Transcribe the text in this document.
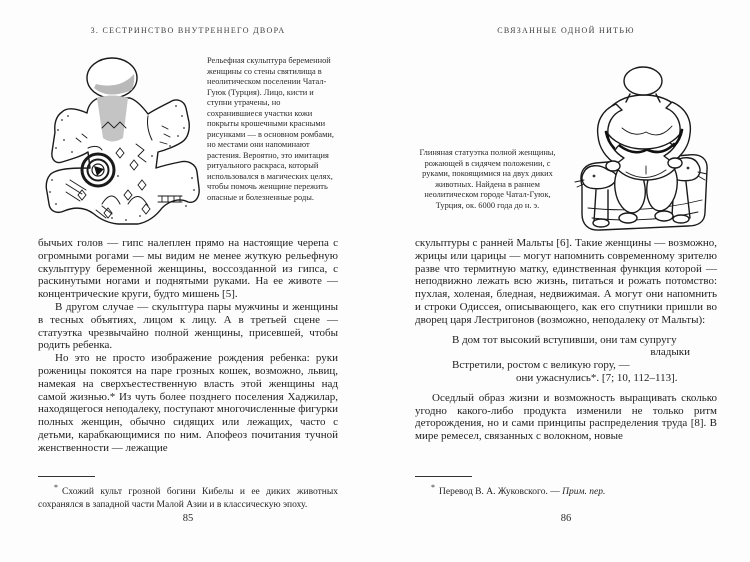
3. СЕСТРИНСТВО ВНУТРЕННЕГО ДВОРА	СВЯЗАННЫЕ ОДНОЙ НИТЬЮ
Рельефная скульптура беременной женщины со стены святилища в неолитическом поселении Чатал-Гуюк (Турция). Лицо, кисти и ступни утрачены, но сохранившиеся участки кожи покрыты крошечными красными рисунками — в основном ромбами, но местами они напоминают растения. Вероятно, это имитация ритуального раскраса, который использовался в магических целях, чтобы помочь женщине пережить опасные и болезненные роды.
Глиняная статуэтка полной женщины, рожающей в сидячем положении, с руками, покоящимися на двух диких животных. Найдена в раннем неолитическом городе Чатал-Гуюк, Турция, ок. 6000 года до н. э.

бычьих голов — гипс налеплен прямо на настоящие черепа с огромными рогами — мы видим не менее жуткую рельефную скульптуру беременной женщины, воссозданной из гипса, с раскинутыми ногами и поднятыми руками. На ее животе — концентрические круги, будто мишень [5].

В другом случае — скульптура пары мужчины и женщины в тесных объятиях, лицом к лицу. А в третьей сцене — статуэтка чрезвычайно полной женщины, присевшей, чтобы родить ребенка.

Но это не просто изображение рождения ребенка: руки роженицы покоятся на паре грозных кошек, возможно, львиц, намекая на сверхъестественную власть этой женщины над самой жизнью.* Из чуть более позднего поселения Хаджилар, находящегося неподалеку, поступают многочисленные фигурки полных женщин, обычно сидящих или лежащих, часто с детьми, карабкающимися по ним. Апофеоз почитания тучной женственности — лежащие

скульптуры с ранней Мальты [6]. Такие женщины — возможно, жрицы или царицы — могут напомнить современному зрителю разве что термитную матку, единственная функция которой — неподвижно лежать всю жизнь, питаться и рожать потомство: пухлая, холеная, бледная, недвижимая. А могут они напомнить и строки Одиссея, описывающего, как его спутники пришли во дворец царя Лестригонов (возможно, неподалеку от Мальты):

В дом тот высокий вступивши, они там супругу
владыки
Встретили, ростом с великую гору, —
они ужаснулись*. [7; 10, 112–113].

Оседлый образ жизни и возможность выращивать сколько угодно какого-либо продукта изменили не только ритм деторождения, но и сами принципы распределения труда [8]. В мире ремесел, связанных с волокном, новые

* Схожий культ грозной богини Кибелы и ее диких животных сохранялся в западной части Малой Азии и в классическую эпоху.
* Перевод В. А. Жуковского. — Прим. пер.
85	86
